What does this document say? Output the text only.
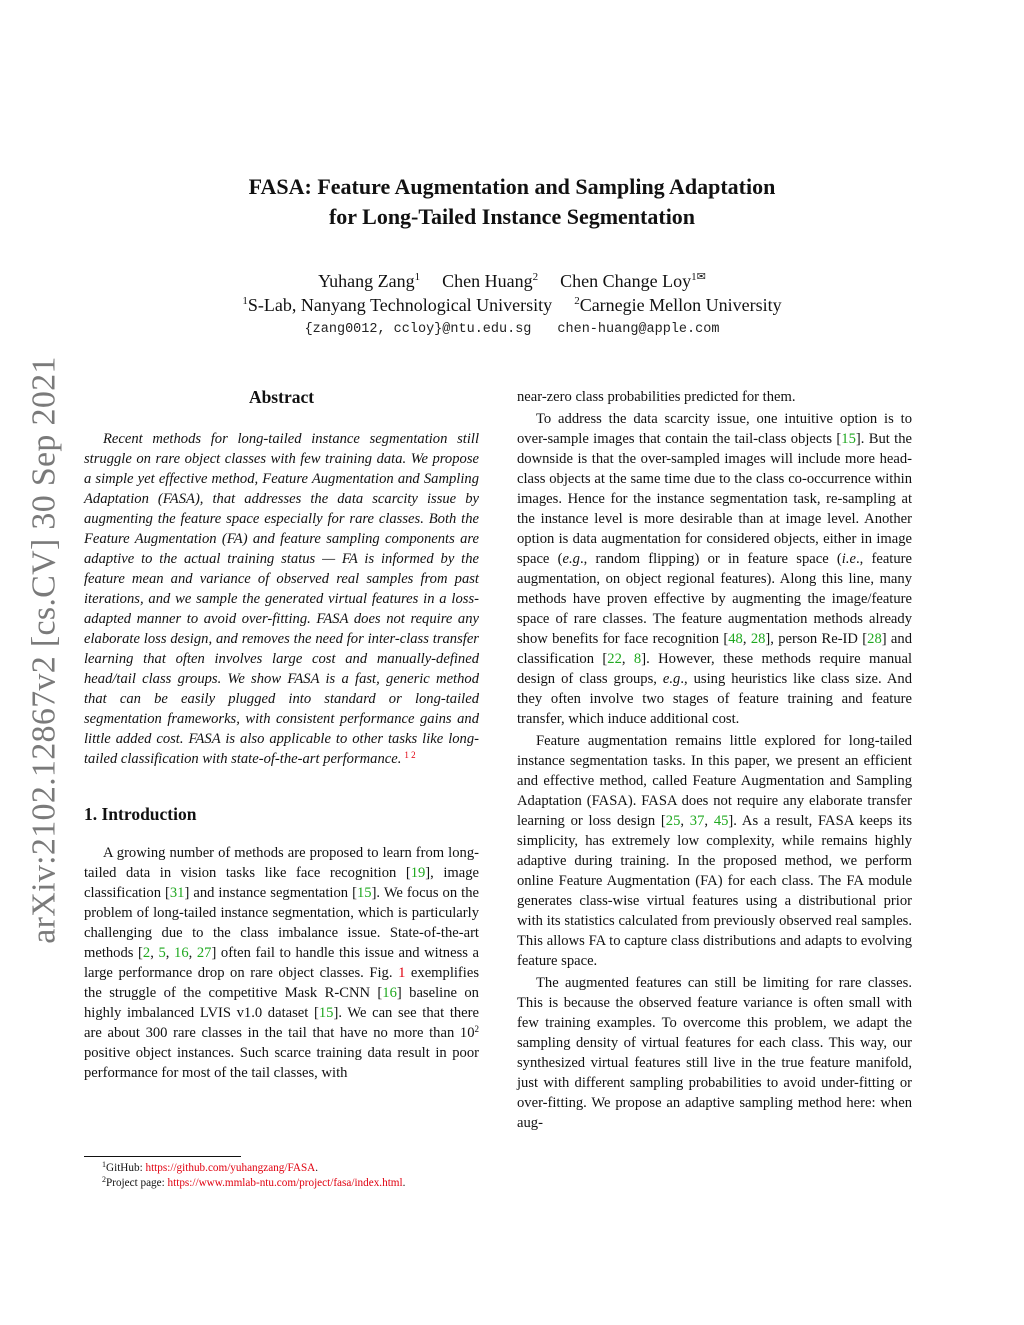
arXiv:2102.12867v2 [cs.CV] 30 Sep 2021
FASA: Feature Augmentation and Sampling Adaptation
for Long-Tailed Instance Segmentation
Yuhang Zang$^1$ Chen Huang$^2$ Chen Change Loy$^{1✉}$
$^1$S-Lab, Nanyang Technological University $^2$Carnegie Mellon University
{zang0012, ccloy}@ntu.edu.sg chen-huang@apple.com
Abstract

Recent methods for long-tailed instance segmentation still struggle on rare object classes with few training data. We propose a simple yet effective method, Feature Augmentation and Sampling Adaptation (FASA), that addresses the data scarcity issue by augmenting the feature space especially for rare classes. Both the Feature Augmentation (FA) and feature sampling components are adaptive to the actual training status — FA is informed by the feature mean and variance of observed real samples from past iterations, and we sample the generated virtual features in a loss-adapted manner to avoid over-fitting. FASA does not require any elaborate loss design, and removes the need for inter-class transfer learning that often involves large cost and manually-defined head/tail class groups. We show FASA is a fast, generic method that can be easily plugged into standard or long-tailed segmentation frameworks, with consistent performance gains and little added cost. FASA is also applicable to other tasks like long-tailed classification with state-of-the-art performance. $^{1 2}$

1. Introduction

A growing number of methods are proposed to learn from long-tailed data in vision tasks like face recognition [19], image classification [31] and instance segmentation [15]. We focus on the problem of long-tailed instance segmentation, which is particularly challenging due to the class imbalance issue. State-of-the-art methods [2, 5, 16, 27] often fail to handle this issue and witness a large performance drop on rare object classes. Fig. 1 exemplifies the struggle of the competitive Mask R-CNN [16] baseline on highly imbalanced LVIS v1.0 dataset [15]. We can see that there are about 300 rare classes in the tail that have no more than $10^2$ positive object instances. Such scarce training data result in poor performance for most of the tail classes, with

$^1$GitHub: https://github.com/yuhangzang/FASA.
$^2$Project page: https://www.mmlab-ntu.com/project/fasa/index.html.

near-zero class probabilities predicted for them.

To address the data scarcity issue, one intuitive option is to over-sample images that contain the tail-class objects [15]. But the downside is that the over-sampled images will include more head-class objects at the same time due to the class co-occurrence within images. Hence for the instance segmentation task, re-sampling at the instance level is more desirable than at image level. Another option is data augmentation for considered objects, either in image space (e.g., random flipping) or in feature space (i.e., feature augmentation, on object regional features). Along this line, many methods have proven effective by augmenting the image/feature space of rare classes. The feature augmentation methods already show benefits for face recognition [48, 28], person Re-ID [28] and classification [22, 8]. However, these methods require manual design of class groups, e.g., using heuristics like class size. And they often involve two stages of feature training and feature transfer, which induce additional cost.

Feature augmentation remains little explored for long-tailed instance segmentation tasks. In this paper, we present an efficient and effective method, called Feature Augmentation and Sampling Adaptation (FASA). FASA does not require any elaborate transfer learning or loss design [25, 37, 45]. As a result, FASA keeps its simplicity, has extremely low complexity, while remains highly adaptive during training. In the proposed method, we perform online Feature Augmentation (FA) for each class. The FA module generates class-wise virtual features using a distributional prior with its statistics calculated from previously observed real samples. This allows FA to capture class distributions and adapts to evolving feature space.

The augmented features can still be limiting for rare classes. This is because the observed feature variance is often small with few training examples. To overcome this problem, we adapt the sampling density of virtual features for each class. This way, our synthesized virtual features still live in the true feature manifold, just with different sampling probabilities to avoid under-fitting or over-fitting. We propose an adaptive sampling method here: when aug-
